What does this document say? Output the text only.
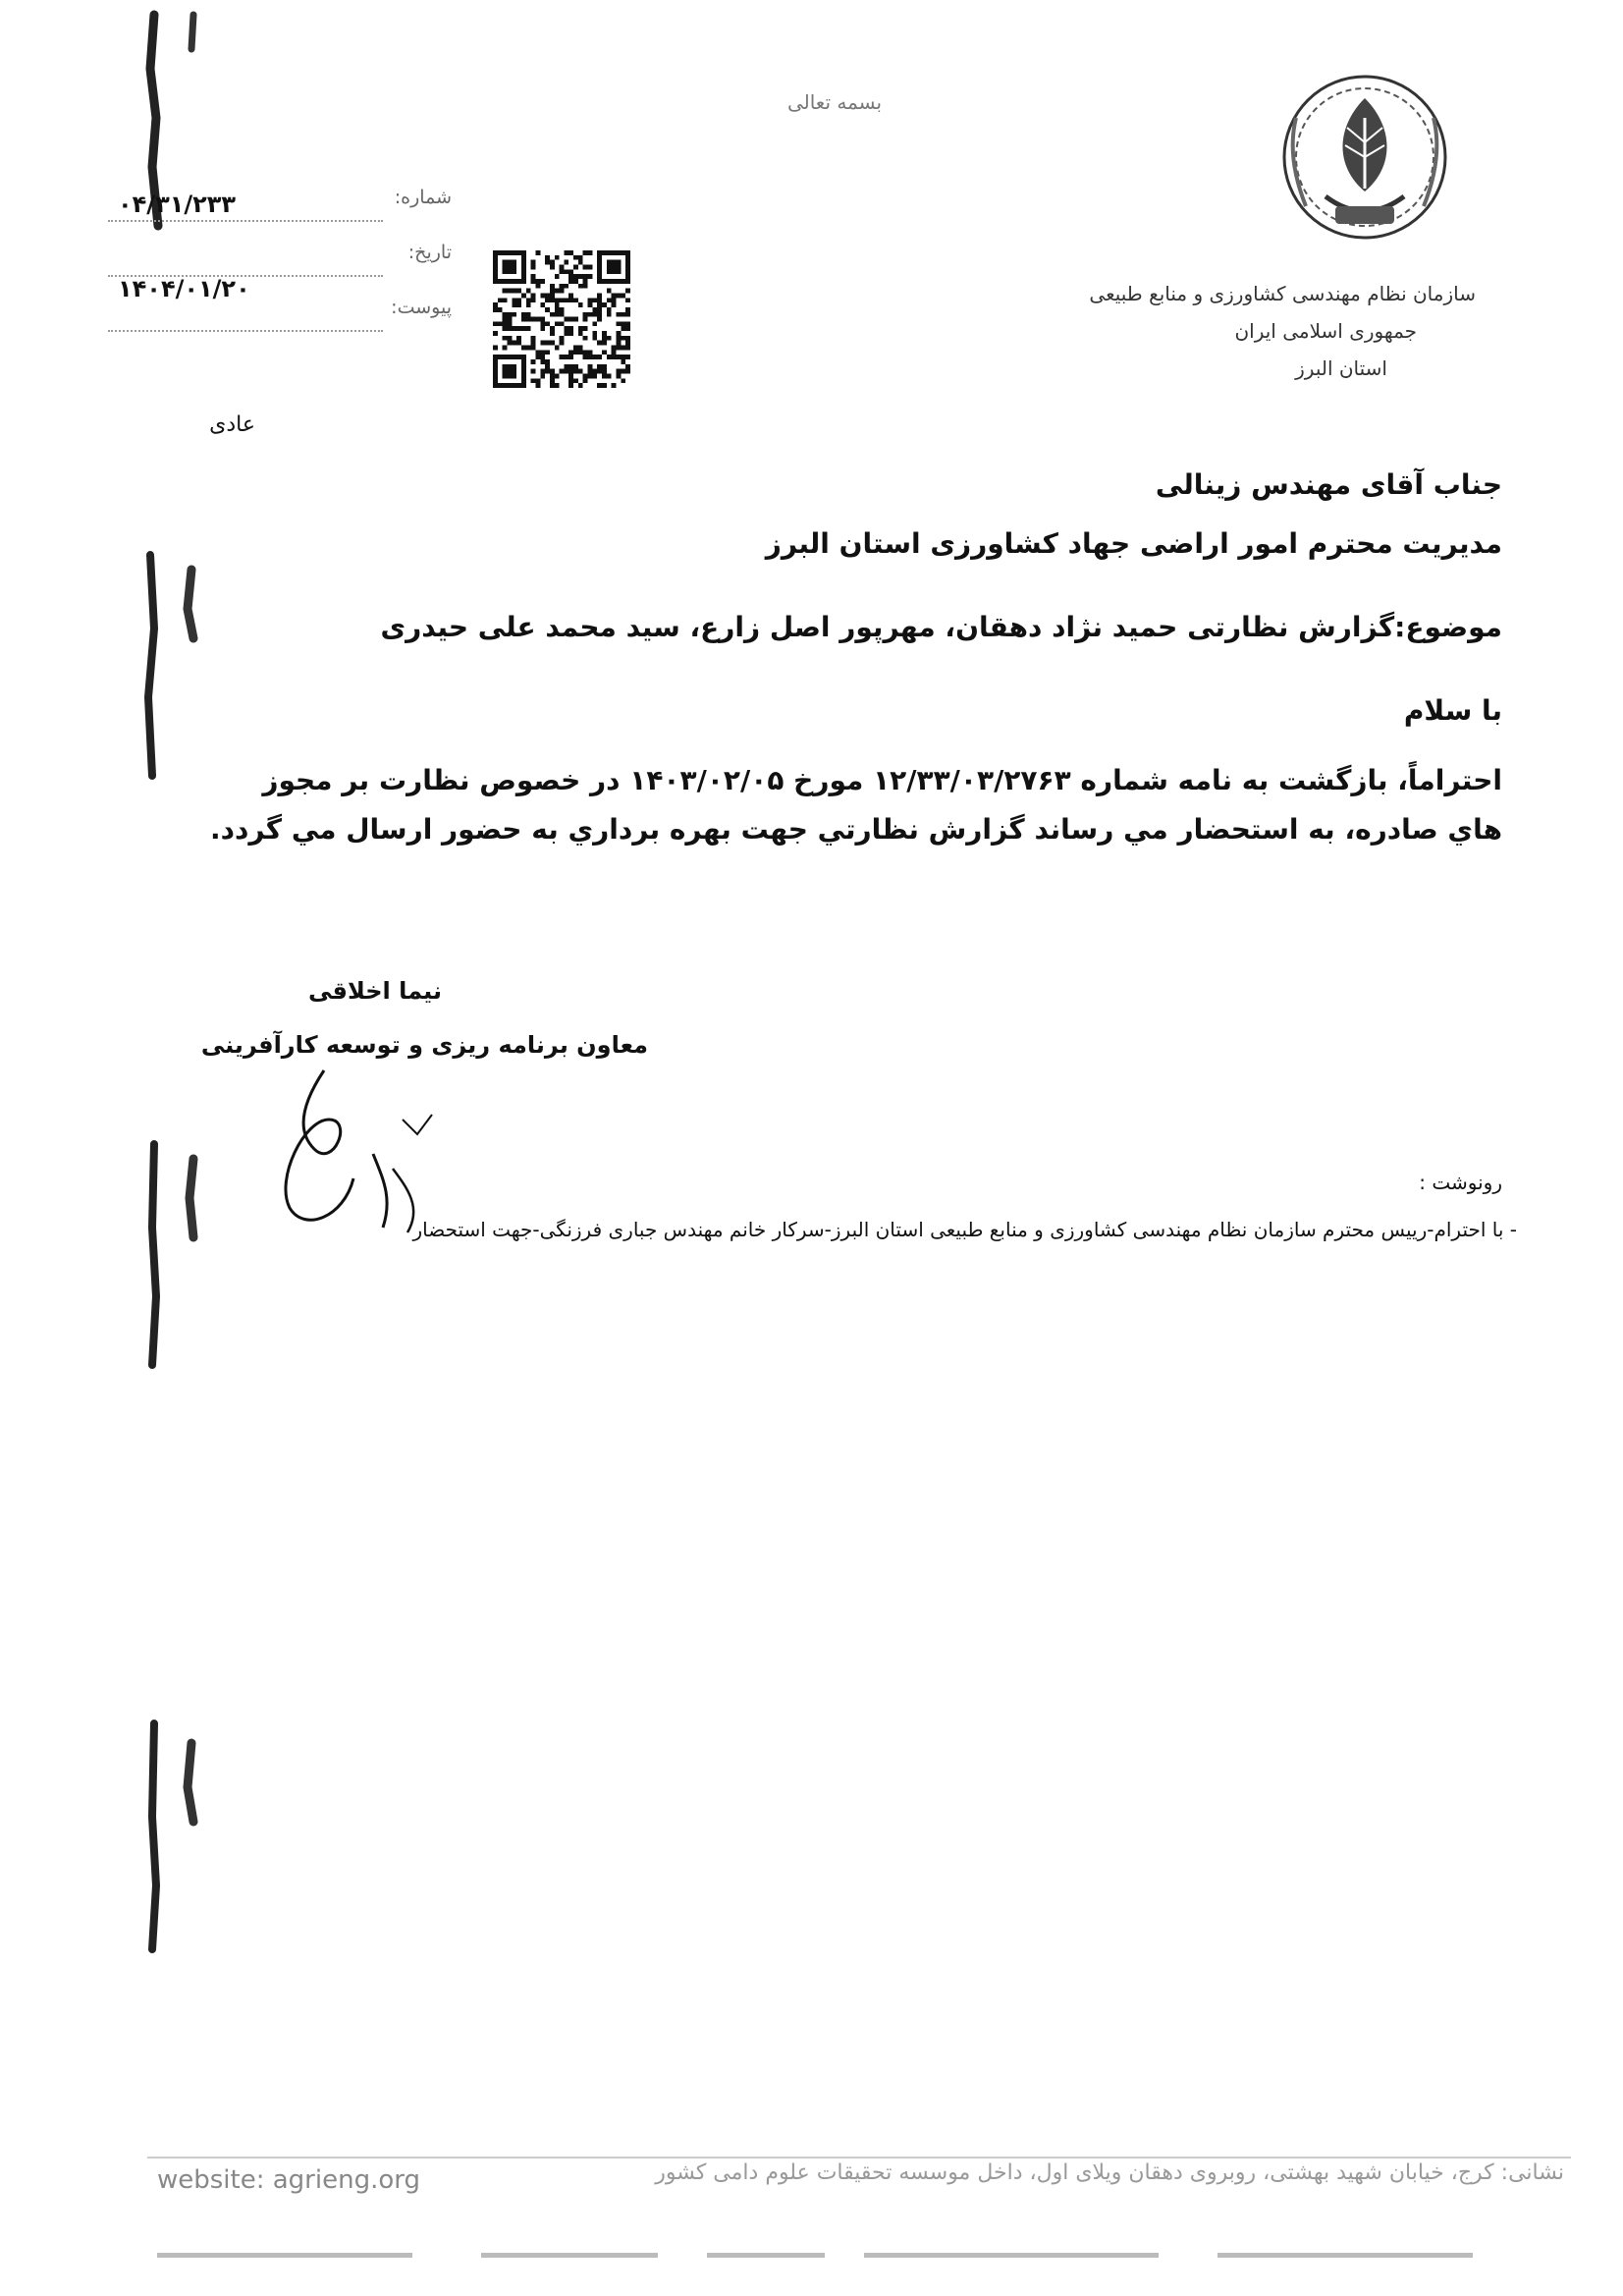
بسمه تعالی
سازمان نظام مهندسی کشاورزی و منابع طبیعی
جمهوری اسلامی ایران
استان البرز
شماره:
۰۴/۳۱/۲۳۳
تاریخ:
پیوست:
۱۴۰۴/۰۱/۲۰
عادی
جناب آقای مهندس زینالی
مدیریت محترم امور اراضی جهاد کشاورزی استان البرز
موضوع:گزارش نظارتی حمید نژاد دهقان، مهرپور اصل زارع، سید محمد علی حیدری
با سلام
احتراماً، بازگشت به نامه شماره ۱۲/۳۳/۰۳/۲۷۶۳ مورخ ۱۴۰۳/۰۲/۰۵ در خصوص نظارت بر مجوز
هاي صادره، به استحضار مي رساند گزارش نظارتي جهت بهره برداري به حضور ارسال مي گردد.
نیما اخلاقی
معاون برنامه ریزی و توسعه کارآفرینی
رونوشت :
- با احترام-رییس محترم سازمان نظام مهندسی کشاورزی و منابع طبیعی استان البرز-سرکار خانم مهندس جباری فرزنگی-جهت استحضار
website: agrieng.org	نشانی: کرج، خیابان شهید بهشتی، روبروی دهقان ویلای اول، داخل موسسه تحقیقات علوم دامی کشور
